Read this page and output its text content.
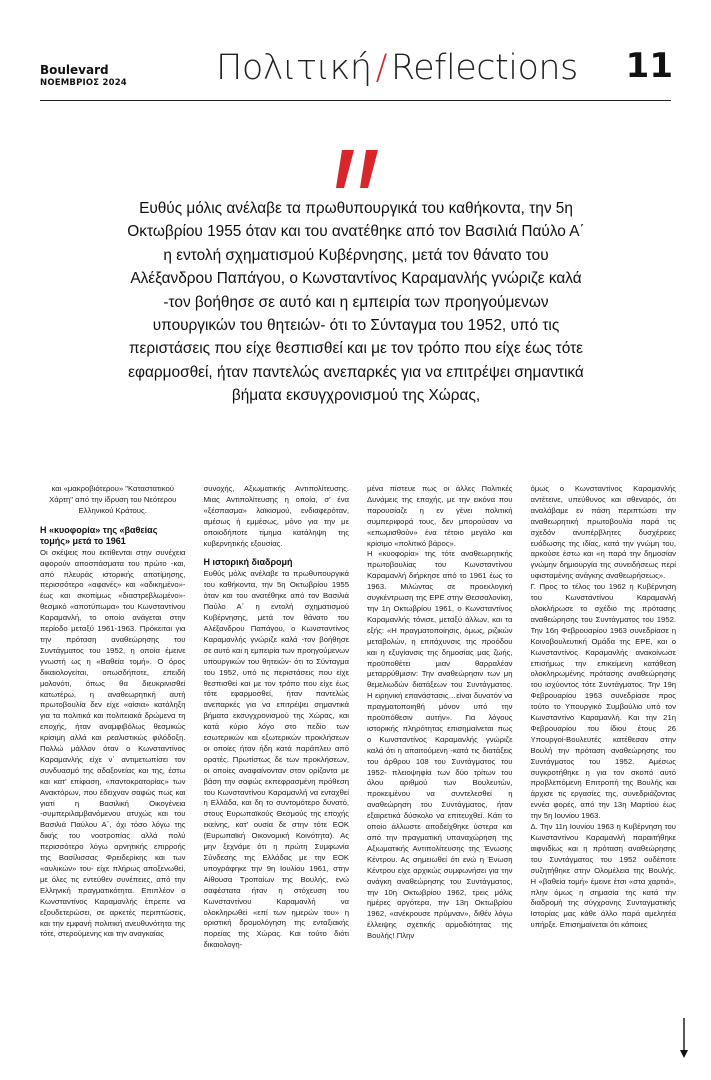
Boulevard
ΝΟΕΜΒΡΙΟΣ 2024	Πολιτική / Reflections 11

Ευθύς μόλις ανέλαβε τα πρωθυπουργικά του καθήκοντα, την 5η Οκτωβρίου 1955 όταν και του ανατέθηκε από τον Βασιλιά Παύλο Α΄ η εντολή σχηματισμού Κυβέρνησης, μετά τον θάνατο του Αλέξανδρου Παπάγου, ο Κωνσταντίνος Καραμανλής γνώριζε καλά -τον βοήθησε σε αυτό και η εμπειρία των προηγούμενων υπουργικών του θητειών- ότι το Σύνταγμα του 1952, υπό τις περιστάσεις που είχε θεσπισθεί και με τον τρόπο που είχε έως τότε εφαρμοσθεί, ήταν παντελώς ανεπαρκές για να επιτρέψει σημαντικά βήματα εκσυγχρονισμού της Χώρας,

και «μακροβιότερου» "Καταστατικού Χάρτη" από την ίδρυση του Νεότερου Ελληνικού Κράτους.

Η «κυοφορία» της «βαθείας τομής» μετά το 1961

Οι σκέψεις που εκτίθενται στην συνέχεια αφορούν αποσπάσματα του πρώτο -και, από πλευράς ιστορικής αποτίμησης, περισσότερο «αφανές» και «αδικημένο»- έως και σκοπίμως «διαστρεβλωμένο»- θεσμικό «αποτύπωμα» του Κωνσταντίνου Καραμανλή, το οποίο ανάγεται στην περίοδο μεταξύ 1961-1963. Πρόκειται για την πρόταση αναθεώρησης του Συντάγματος του 1952, η οποία έμεινε γνωστή ως η «Βαθεία τομή». Ο όρος δικαιολογείται, οπωσδήποτε, επειδή μολονότι, όπως θα διευκρινισθεί κατωτέρω, η αναθεωρητική αυτή πρωτοβουλία δεν είχε «αίσια» κατάληξη για τα πολιτικά και πολιτειακά δρώμενα τη εποχής, ήταν αναμφιβόλως θεσμικώς κρίσιμη αλλά και ρεαλιστικώς φιλόδοξη. Πολλώ μάλλον όταν ο Κωνσταντίνος Καραμανλής είχε ν΄ αντιμετωπίσει τον συνδυασμό της αδαξονείας και της, έστω και κατ' επίφαση, «παντοκρατορίας» των Ανακτόρων, που έδειχναν σαφώς πως και γιατί η Βασιλική Οικογένεια -συμπεριλαμβανόμενου ατυχώς και του Βασιλιά Παύλου Α΄, όχι τόσο λόγω της δικής του νοοτροπίας αλλά πολύ περισσότερο λόγω αρνητικής επιρροής της Βασίλισσας Φρειδερίκης και των «αυλικών» του- είχε πλήρως αποξενωθεί, με όλες τις εντεύθεν συνέπειες, από την Ελληνική πραγματικότητα. Επιπλέον ο Κωνσταντίνος Καραμανλής έπρεπε να εξουδετερώσει, σε αρκετές περιπτώσεις, και την εμφανή πολιτική ανευθυνότητα της τότε, στερούμενης και την αναγκαίας

συνοχής, Αξιωματικής Αντιπολίτευσης. Μιας Αντιπολίτευσης η οποία, σ' ένα «ξέσπασμα» λαϊκισμού, ενδιαφερόταν, αμέσως ή εμμέσως, μόνο για την με οποιοδήποτε τίμημα κατάληψη της κυβερνητικής εξουσίας.

Η ιστορική διαδρομή

Ευθύς μόλις ανέλαβε τα πρωθυπουργικά του καθήκοντα, την 5η Οκτωβρίου 1955 όταν και του ανατέθηκε από τον Βασιλιά Παύλο Α΄ η εντολή σχηματισμού Κυβέρνησης, μετά τον θάνατο του Αλέξανδρου Παπάγου, ο Κωνσταντίνος Καραμανλής γνώριζε καλά -τον βοήθησε σε αυτό και η εμπειρία των προηγούμενων υπουργικών του θητειών- ότι το Σύνταγμα του 1952, υπό τις περιστάσεις που είχε θεσπισθεί και με τον τρόπο που είχε έως τότε εφαρμοσθεί, ήταν παντελώς ανεπαρκές για να επιτρέψει σημαντικά βήματα εκσυγχρονισμού της Χώρας, και κατά κύριο λόγο στο πεδίο των εσωτερικών και εξωτερικών προκλήσεων οι οποίες ήταν ήδη κατά παράπλευ από ορατές. Πρωτίστως δε των προκλήσεων, οι οποίες αναφαίνονταν στον ορίζοντα με βάση την σαφώς εκπεφρασμένη πρόθεση του Κωνσταντίνου Καραμανλή να ενταχθεί η Ελλάδα, και δη το συντομότερο δυνατό, στους Ευρωπαϊκούς Θεσμούς της εποχής εκείνης, κατ' ουσία δε στην τότε ΕΟΚ (Ευρωπαϊκή Οικονομική Κοινότητα). Ας μην ξεχνάμε ότι η πρώτη Συμφωνία Σύνδεσης της Ελλάδας με την ΕΟΚ υπογράφηκε την 9η Ιουλίου 1961, στην Αίθουσα Τροπαίων της Βουλής, ενώ σαφέστατα ήταν η στόχευση του Κωνσταντίνου Καραμανλή να ολοκληρωθεί «επί των ημερών του» η οριστική δρομολόγηση της ενταξιακής πορείας της Χώρας. Και τούτο διότι δικαιολογη-

μένα πίστευε πως οι άλλες Πολιτικές Δυνάμεις της εποχής, με την εικόνα που παρουσίαζε η εν γένει πολιτική συμπεριφορά τους, δεν μπορούσαν να «επωμισθούν» ένα τέτοιο μεγάλο και κρίσιμο «πολιτικό βάρος».

Η «κυοφορία» της τότε αναθεωρητικής πρωτοβουλίας του Κωνσταντίνου Καραμανλή διήρκησε από το 1961 έως το 1963. Μιλώντας σε προεκλογική συγκέντρωση της ΕΡΕ στην Θεσσαλονίκη, την 1η Οκτωβρίου 1961, ο Κωνσταντίνος Καραμανλής τόνισε, μεταξύ άλλων, και τα εξής: «Η πραγματοποίησις, όμως, ριζικών μεταβολών, η επιτάχυνσις της προόδου και η εξυγίανσις της δημοσίας μας ζωής, προϋποθέτει μιαν θαρραλέαν μεταρρύθμισιν: Την αναθεώρησιν των μη θεμελιωδών διατάξεων του Συντάγματος. Η ειρηνική επανάστασις…είναι δυνατόν να πραγματοποιηθή μόνον υπό την προϋπόθεσιν αυτήν». Για λόγους ιστορικής πληρότητας επισημαίνεται πως ο Κωνσταντίνος Καραμανλής γνώριζε καλά ότι η απαιτούμενη -κατά τις διατάξεις του άρθρου 108 του Συντάγματος του 1952- πλειοψηφία των δύο τρίτων του όλου αριθμού των Βουλευτών, προκειμένου να συντελεσθεί η αναθεώρηση του Συντάγματος, ήταν εξαιρετικά δύσκολο να επιτευχθεί. Κάτι το οποίο άλλωστε αποδείχθηκε ύστερα και από την πραγματική υπαναχώρηση της Αξιωματικής Αντιπολίτευσης της Ένωσης Κέντρου. Ας σημειωθεί ότι ενώ η Ένωση Κέντρου είχε αρχικώς συμφωνήσει για την ανάγκη αναθεώρησης του Συντάγματος, την 10η Οκτωβρίου 1962, τρεις μόλις ημέρες αργότερα, την 13η Οκτωβρίου 1962, «ανέκρουσε πρύμναν», διθέν λόγω έλλειψης σχετικής αρμοδιότητας της Βουλής! Πλην

όμως ο Κωνσταντίνος Καραμανλής αντέτεινε, υπεύθυνος και σθεναρός, ότι αναλάβαμε εν πάση περιπτώσει την αναθεωρητική πρωτοβουλία παρά τις σχεδόν ανυπέρβλητες δυσχέρειες ευόδωσης της ιδίας, κατά την γνώμη του, αρκούσε έστω και «η παρά την δημοσίαν γνώμην δημιουργία της συνειδήσεως περί υφισταμένης ανάγκης αναθεωρήσεως».

Γ. Προς το τέλος του 1962 η Κυβέρνηση του Κωνσταντίνου Καραμανλή ολοκλήρωσε το σχέδιο της πρότασης αναθεώρησης του Συντάγματος του 1952. Την 16η Φεβρουαρίου 1963 συνεδρίασε η Κοινοβουλευτική Ομάδα της ΕΡΕ, και ο Κωνσταντίνος Καραμανλής ανακοίνωσε επισήμως την επικείμενη κατάθεση ολοκληρωμένης πρότασης αναθεώρησης του ισχύοντος τότε Συντάγματος. Την 19η Φεβρουαρίου 1963 συνεδρίασε προς τούτο το Υπουργικό Συμβούλιο υπό τον Κωνσταντίνο Καραμανλή. Και την 21η Φεβρουαρίου του ίδιου έτους 26 Υπουργοί-Βουλευτές κατέθεσαν στην Βουλή την πρόταση αναθεώρησης του Συντάγματος του 1952. Αμέσως συγκροτήθηκε η για τον σκοπό αυτό προβλεπόμενη Επιτροπή της Βουλής και άρχισε τις εργασίες της, συνεδριάζοντας εννέα φορές, από την 13η Μαρτίου έως την 5η Ιουνίου 1963.

Δ. Την 11η Ιουνίου 1963 η Κυβέρνηση του Κωνσταντίνου Καραμανλή παραιτήθηκε αιφνιδίως και η πρόταση αναθεώρησης του Συντάγματος του 1952 ουδέποτε συζητήθηκε στην Ολομέλεια της Βουλής. Η «βαθεία τομή» έμεινε έτσι «στα χαρτιά», πλην όμως η σημασία της κατά την διαδρομή της σύγχρονης Συνταγματικής Ιστορίας μας κάθε άλλο παρά αμελητέα υπήρξε. Επισημαίνεται ότι κάποιες
